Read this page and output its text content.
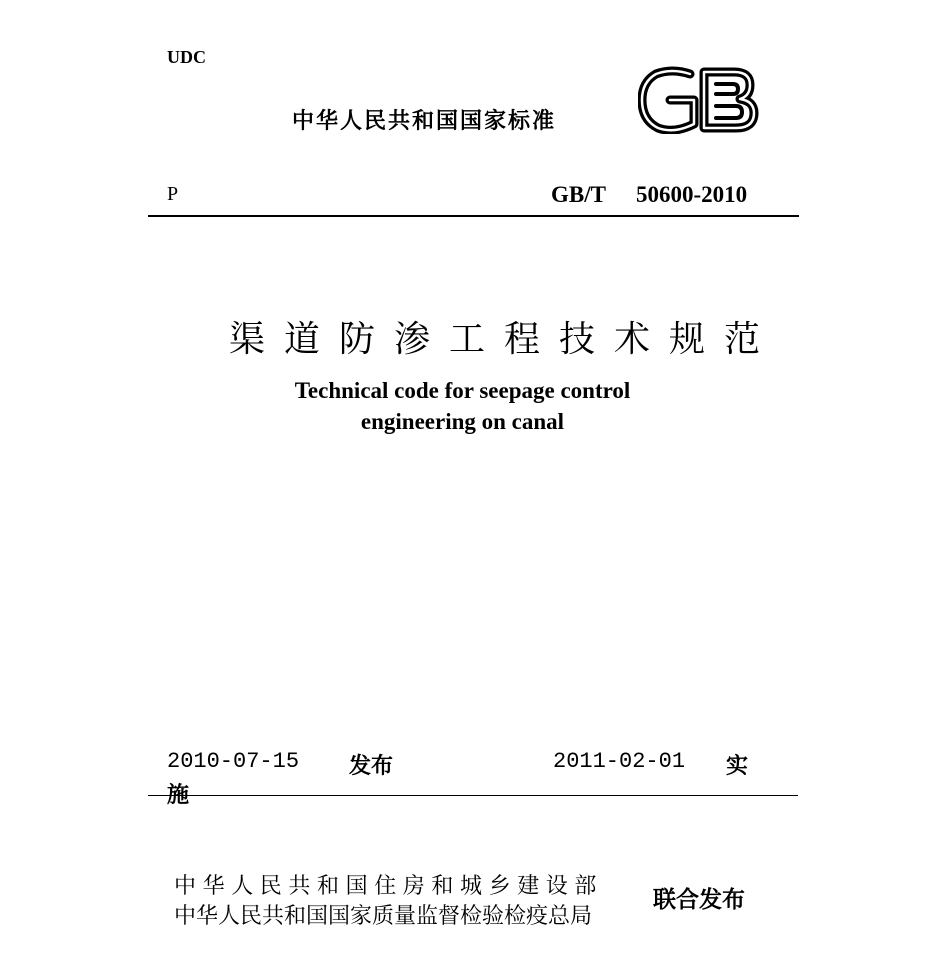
UDC
中华人民共和国国家标准
P	GB/T 50600-2010
渠道防渗工程技术规范
Technical code for seepage control
engineering on canal
2010-07-15 发布	2011-02-01 实
施
中华人民共和国住房和城乡建设部
中华人民共和国国家质量监督检验检疫总局
联合发布
